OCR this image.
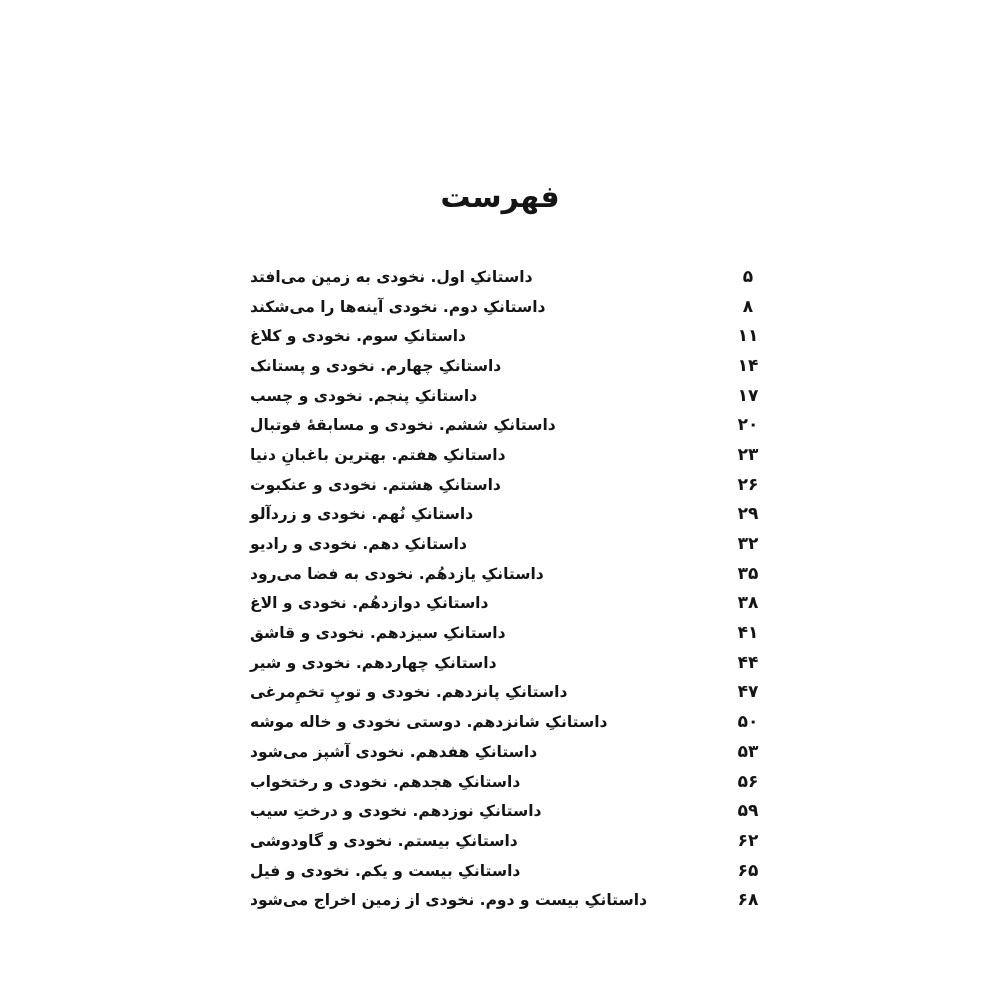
فهرست
داستانکِ اول. نخودی به زمین می‌افتد	۵
داستانکِ دوم. نخودی آینه‌ها را می‌شکند	۸
داستانکِ سوم. نخودی و کلاغ	۱۱
داستانکِ چهارم. نخودی و پستانک	۱۴
داستانکِ پنجم. نخودی و چسب	۱۷
داستانکِ ششم. نخودی و مسابقهٔ فوتبال	۲۰
داستانکِ هفتم. بهترین باغبانِ دنیا	۲۳
داستانکِ هشتم. نخودی و عنکبوت	۲۶
داستانکِ نُهم. نخودی و زردآلو	۲۹
داستانکِ دهم. نخودی و رادیو	۳۲
داستانکِ یازدهُم. نخودی به فضا می‌رود	۳۵
داستانکِ دوازدهُم. نخودی و الاغ	۳۸
داستانکِ سیزدهم. نخودی و قاشق	۴۱
داستانکِ چهاردهم. نخودی و شیر	۴۴
داستانکِ پانزدهم. نخودی و توپِ تخم‌ِمرغی	۴۷
داستانکِ شانزدهم. دوستی نخودی و خاله موشه	۵۰
داستانکِ هفدهم. نخودی آشپز می‌شود	۵۳
داستانکِ هجدهم. نخودی و رختخواب	۵۶
داستانکِ نوزدهم. نخودی و درختِ سیب	۵۹
داستانکِ بیستم. نخودی و گاودوشی	۶۲
داستانکِ بیست و یکم. نخودی و فیل	۶۵
داستانکِ بیست و دوم. نخودی از زمین اخراج می‌شود	۶۸
